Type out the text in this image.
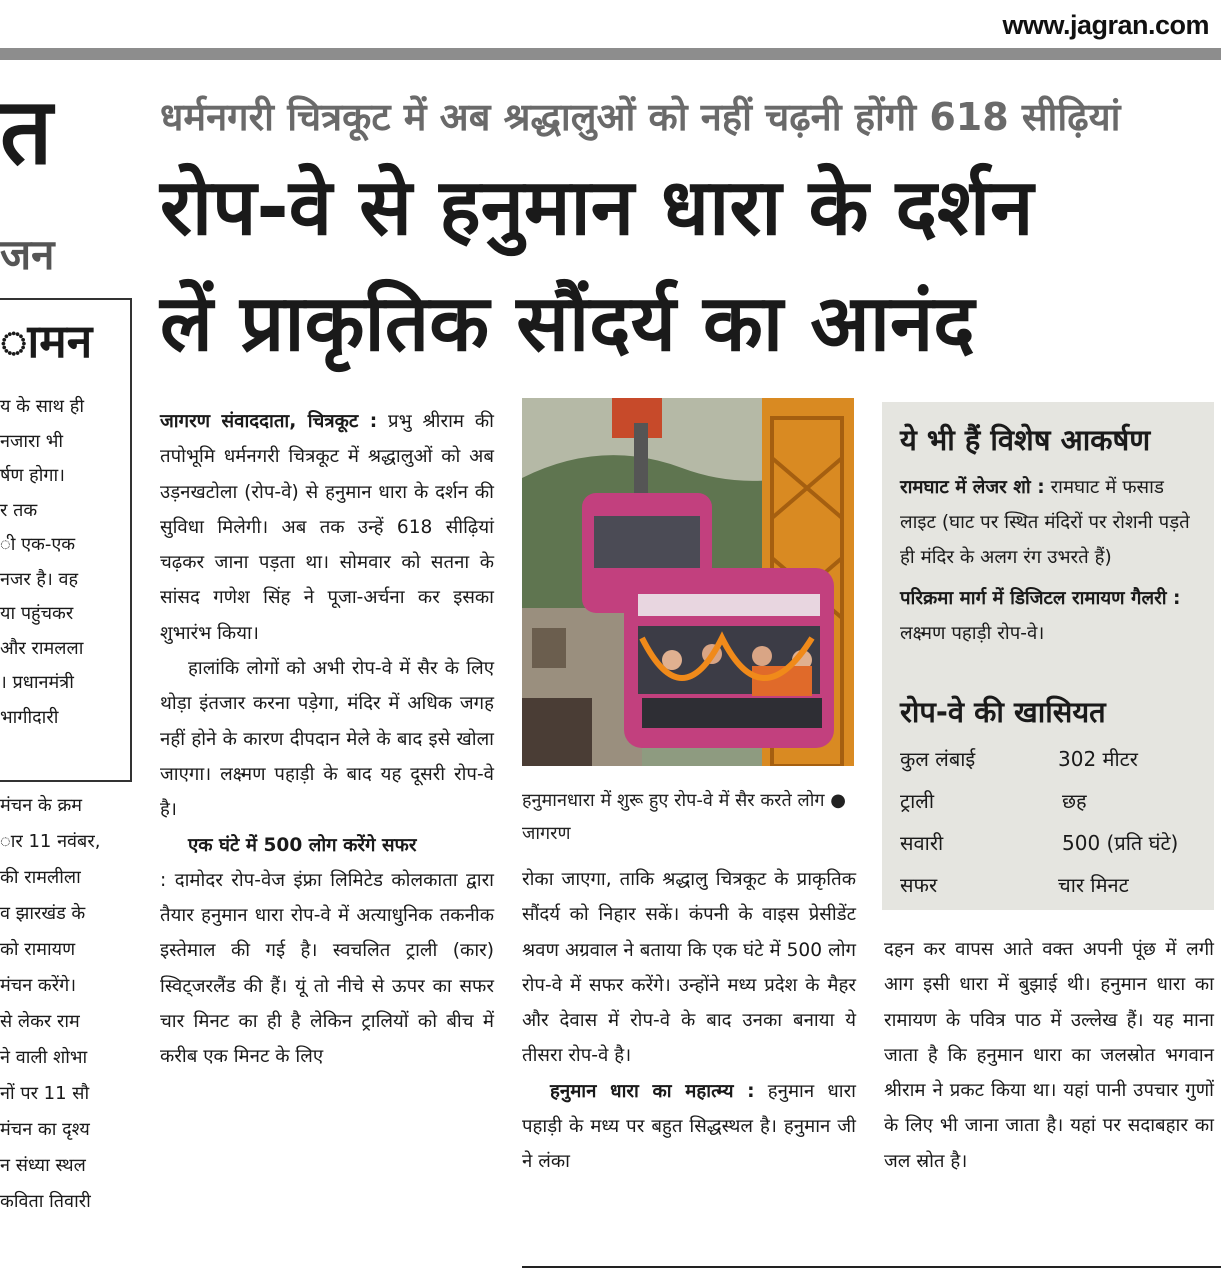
www.jagran.com
त
जन
ामन
य के साथ ही
नजारा भी
र्षण होगा।
र तक
ी एक-एक
नजर है। वह
या पहुंचकर
और रामलला
। प्रधानमंत्री
भागीदारी
मंचन के क्रम
ार 11 नवंबर,
की रामलीला
व झारखंड के
को रामायण
मंचन करेंगे।
से लेकर राम
ने वाली शोभा
नों पर 11 सौ
मंचन का दृश्य
न संध्या स्थल
कविता तिवारी
धर्मनगरी चित्रकूट में अब श्रद्धालुओं को नहीं चढ़नी होंगी 618 सीढ़ियां
रोप-वे से हनुमान धारा के दर्शन
लें प्राकृतिक सौंदर्य का आनंद

जागरण संवाददाता, चित्रकूट : प्रभु श्रीराम की तपोभूमि धर्मनगरी चित्रकूट में श्रद्धालुओं को अब उड़नखटोला (रोप-वे) से हनुमान धारा के दर्शन की सुविधा मिलेगी। अब तक उन्हें 618 सीढ़ियां चढ़कर जाना पड़ता था। सोमवार को सतना के सांसद गणेश सिंह ने पूजा-अर्चना कर इसका शुभारंभ किया।

हालांकि लोगों को अभी रोप-वे में सैर के लिए थोड़ा इंतजार करना पड़ेगा, मंदिर में अधिक जगह नहीं होने के कारण दीपदान मेले के बाद इसे खोला जाएगा। लक्ष्मण पहाड़ी के बाद यह दूसरी रोप-वे है।

एक घंटे में 500 लोग करेंगे सफर

: दामोदर रोप-वेज इंफ्रा लिमिटेड कोलकाता द्वारा तैयार हनुमान धारा रोप-वे में अत्याधुनिक तकनीक इस्तेमाल की गई है। स्वचलित ट्राली (कार) स्विट्जरलैंड की हैं। यूं तो नीचे से ऊपर का सफर चार मिनट का ही है लेकिन ट्रालियों को बीच में करीब एक मिनट के लिए

हनुमानधारा में शुरू हुए रोप-वे में सैर करते लोग ● जागरण

रोका जाएगा, ताकि श्रद्धालु चित्रकूट के प्राकृतिक सौंदर्य को निहार सकें। कंपनी के वाइस प्रेसीडेंट श्रवण अग्रवाल ने बताया कि एक घंटे में 500 लोग रोप-वे में सफर करेंगे। उन्होंने मध्य प्रदेश के मैहर और देवास में रोप-वे के बाद उनका बनाया ये तीसरा रोप-वे है।

हनुमान धारा का महात्म्य : हनुमान धारा पहाड़ी के मध्य पर बहुत सिद्धस्थल है। हनुमान जी ने लंका

ये भी हैं विशेष आकर्षण

रामघाट में लेजर शो : रामघाट में फसाड लाइट (घाट पर स्थित मंदिरों पर रोशनी पड़ते ही मंदिर के अलग रंग उभरते हैं)

परिक्रमा मार्ग में डिजिटल रामायण गैलरी : लक्ष्मण पहाड़ी रोप-वे।

रोप-वे की खासियत
कुल लंबाई	302 मीटर
ट्राली	छह
सवारी	500 (प्रति घंटे)
सफर	चार मिनट

दहन कर वापस आते वक्त अपनी पूंछ में लगी आग इसी धारा में बुझाई थी। हनुमान धारा का रामायण के पवित्र पाठ में उल्लेख हैं। यह माना जाता है कि हनुमान धारा का जलस्रोत भगवान श्रीराम ने प्रकट किया था। यहां पानी उपचार गुणों के लिए भी जाना जाता है। यहां पर सदाबहार का जल स्रोत है।
